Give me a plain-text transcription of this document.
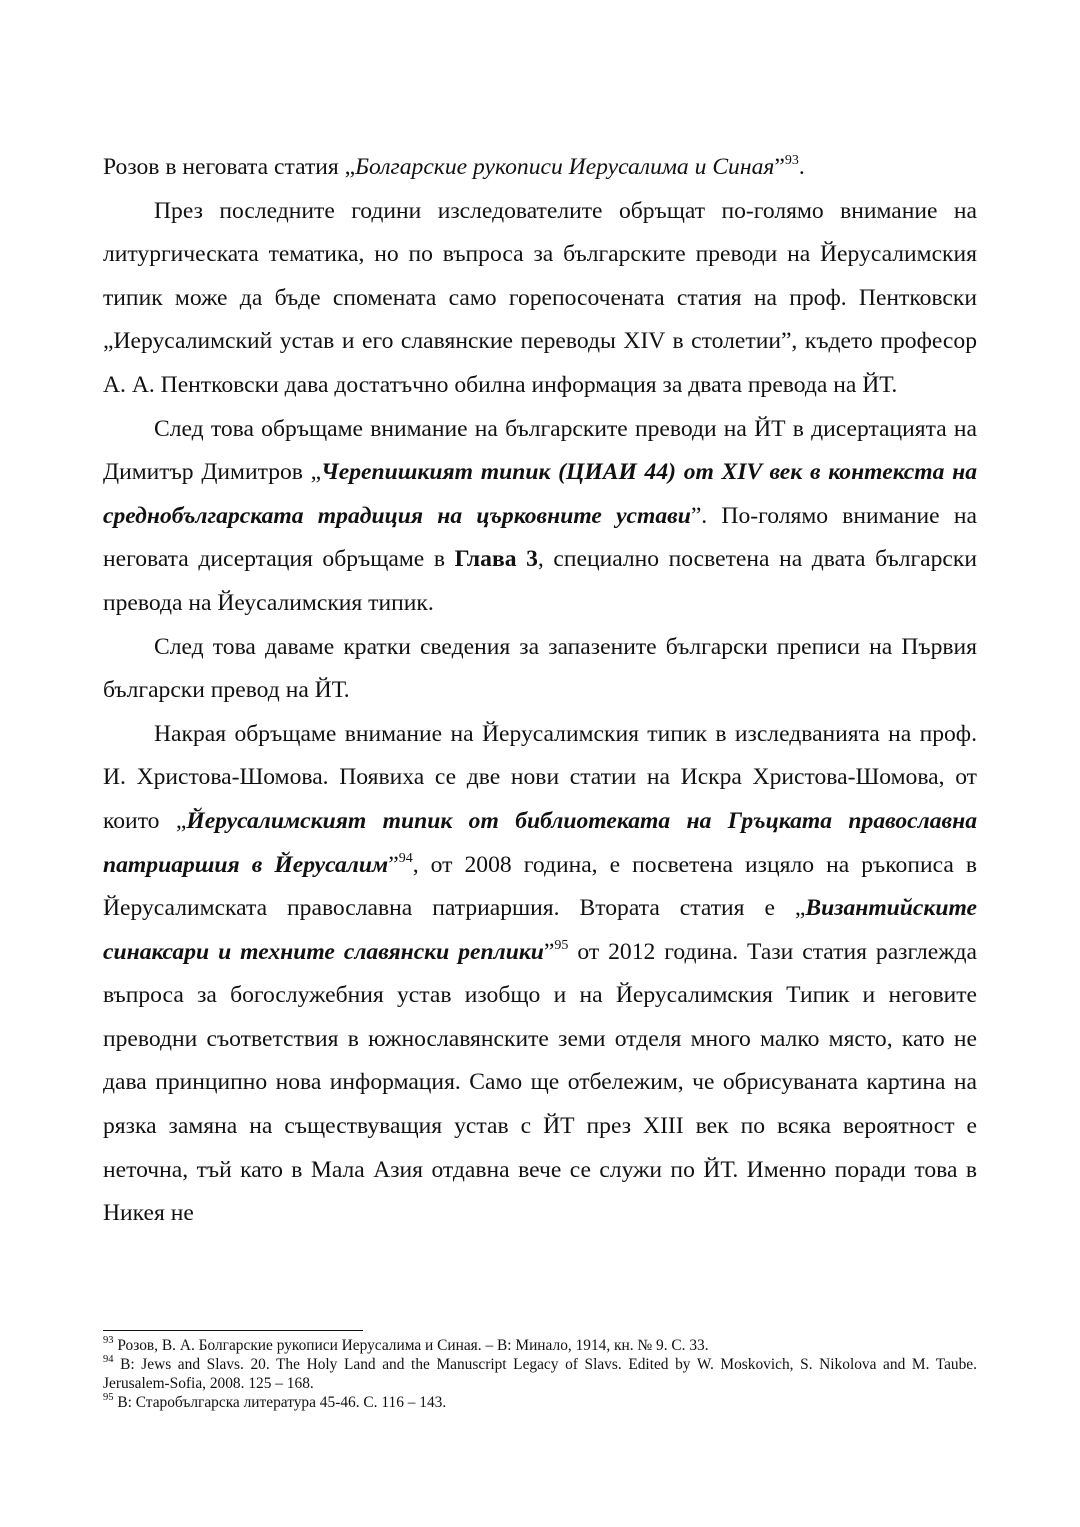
Розов в неговата статия „Болгарские рукописи Иерусалима и Синая”$^{93}$.

През последните години изследователите обръщат по-голямо внимание на литургическата тематика, но по въпроса за българските преводи на Йерусалимския типик може да бъде спомената само горепосочената статия на проф. Пентковски „Иерусалимский устав и его славянские переводы XIV в столетии”, където професор А. А. Пентковски дава достатъчно обилна информация за двата превода на ЙТ.

След това обръщаме внимание на българските преводи на ЙТ в дисертацията на Димитър Димитров „Черепишкият типик (ЦИАИ 44) от XIV век в контекста на среднобългарската традиция на църковните устави”. По-голямо внимание на неговата дисертация обръщаме в Глава 3, специално посветена на двата български превода на Йеусалимския типик.

След това даваме кратки сведения за запазените български преписи на Първия български превод на ЙТ.

Накрая обръщаме внимание на Йерусалимския типик в изследванията на проф. И. Христова-Шомова. Появиха се две нови статии на Искра Христова-Шомова, от които „Йерусалимският типик от библиотеката на Гръцката православна патриаршия в Йерусалим”$^{94}$, от 2008 година, е посветена изцяло на ръкописа в Йерусалимската православна патриаршия. Втората статия е „Византийските синаксари и техните славянски реплики”$^{95}$ от 2012 година. Тази статия разглежда въпроса за богослужебния устав изобщо и на Йерусалимския Типик и неговите преводни съответствия в южнославянските земи отделя много малко място, като не дава принципно нова информация. Само ще отбележим, че обрисуваната картина на рязка замяна на съществуващия устав с ЙТ през XIII век по всяка вероятност е неточна, тъй като в Мала Азия отдавна вече се служи по ЙТ. Именно поради това в Никея не

$^{93}$ Розов, В. А. Болгарские рукописи Иерусалима и Синая. – В: Минало, 1914, кн. № 9. С. 33.

$^{94}$ В: Jews and Slavs. 20. The Holy Land and the Manuscript Legacy of Slavs. Edited by W. Moskovich, S. Nikolova and M. Taube. Jerusalem-Sofia, 2008. 125 – 168.

$^{95}$ В: Старобългарска литература 45-46. С. 116 – 143.
